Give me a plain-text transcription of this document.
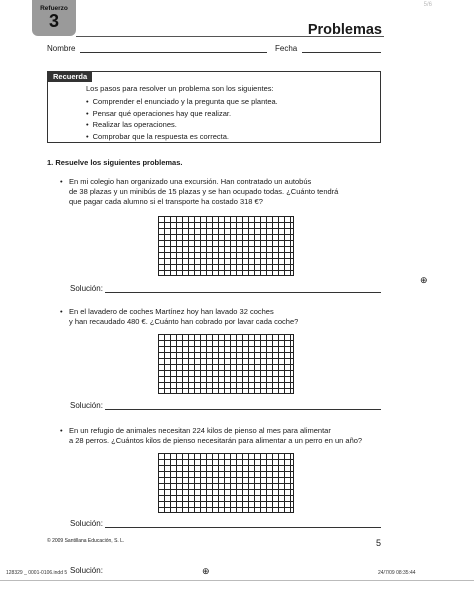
Refuerzo
3	Problemas
5/6
Nombre	Fecha
Recuerda
Los pasos para resolver un problema son los siguientes:
• Comprender el enunciado y la pregunta que se plantea.
• Pensar qué operaciones hay que realizar.
• Realizar las operaciones.
• Comprobar que la respuesta es correcta.
1. Resuelve los siguientes problemas.
• En mi colegio han organizado una excursión. Han contratado un autobús
de 38 plazas y un minibús de 15 plazas y se han ocupado todas. ¿Cuánto tendrá
que pagar cada alumno si el transporte ha costado 318 €?
Solución:
• En el lavadero de coches Martínez hoy han lavado 32 coches
y han recaudado 480 €. ¿Cuánto han cobrado por lavar cada coche?
Solución:
• En un refugio de animales necesitan 224 kilos de pienso al mes para alimentar
a 28 perros. ¿Cuántos kilos de pienso necesitarán para alimentar a un perro en un año?
Solución:
© 2009 Santillana Educación, S. L.	5
⊕
128329 _ 0001-0106.indd 5 Solución:	⊕	24/7/09 08:35:44
